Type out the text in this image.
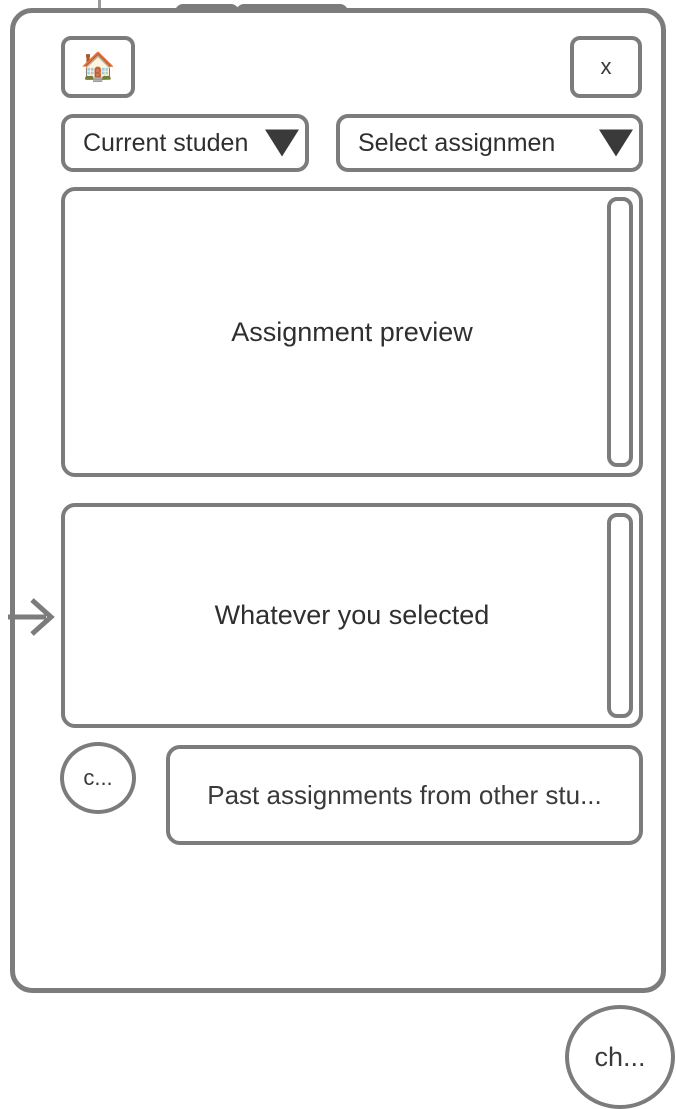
🏠	x
Current studen	Select assignmen
Assignment preview
Whatever you selected
c...
Past assignments from other stu...
ch...
